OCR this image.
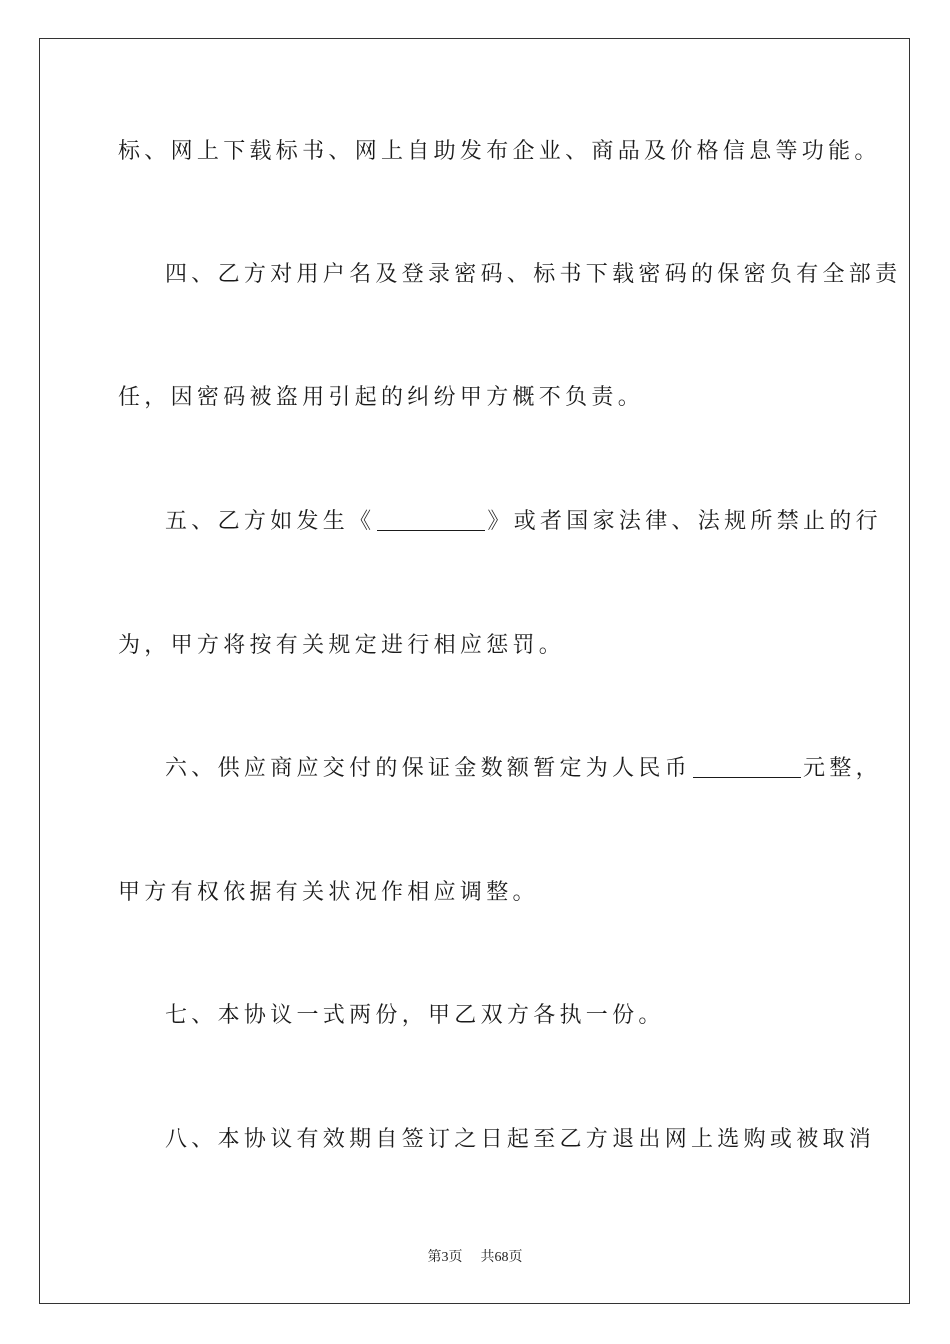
标、网上下载标书、网上自助发布企业、商品及价格信息等功能。
四、乙方对用户名及登录密码、标书下载密码的保密负有全部责
任，因密码被盗用引起的纠纷甲方概不负责。
五、乙方如发生《	》或者国家法律、法规所禁止的行
为，甲方将按有关规定进行相应惩罚。
六、供应商应交付的保证金数额暂定为人民币	元整，
甲方有权依据有关状况作相应调整。
七、本协议一式两份，甲乙双方各执一份。
八、本协议有效期自签订之日起至乙方退出网上选购或被取消
第3页 共68页
